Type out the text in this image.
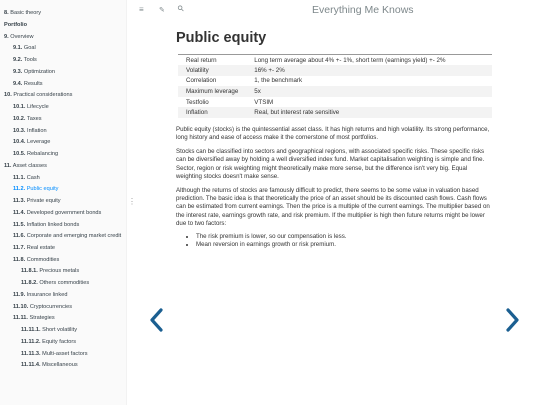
8. Basic theory
Portfolio
9. Overview
9.1. Goal
9.2. Tools
9.3. Optimization
9.4. Results
10. Practical considerations
10.1. Lifecycle
10.2. Taxes
10.3. Inflation
10.4. Leverage
10.5. Rebalancing
11. Asset classes
11.1. Cash
11.2. Public equity
11.3. Private equity
11.4. Developed government bonds
11.5. Inflation linked bonds
11.6. Corporate and emerging market credit
11.7. Real estate
11.8. Commodities
11.8.1. Precious metals
11.8.2. Others commodities
11.9. Insurance linked
11.10. Cryptocurrencies
11.11. Strategies
11.11.1. Short volatility
11.11.2. Equity factors
11.11.3. Multi-asset factors
11.11.4. Miscellaneous
⋮
≡ ✎ ⚲	Everything Me Knows
Public equity
Real return	Long term average about 4% +- 1%, short term (earnings yield) +- 2%
Volatility	16% +- 2%
Correlation	1, the benchmark
Maximum leverage	5x
Testfolio	VTSIM
Inflation	Real, but interest rate sensitive

Public equity (stocks) is the quintessential asset class. It has high returns and high volatility. Its strong performance, long history and ease of access make it the cornerstone of most portfolios.

Stocks can be classified into sectors and geographical regions, with associated specific risks. These specific risks can be diversified away by holding a well diversified index fund. Market capitalisation weighting is simple and fine. Sector, region or risk weighting might theoretically make more sense, but the difference isn't very big. Equal weighting stocks doesn't make sense.

Although the returns of stocks are famously difficult to predict, there seems to be some value in valuation based prediction. The basic idea is that theoretically the price of an asset should be its discounted cash flows. Cash flows can be estimated from current earnings. Then the price is a multiple of the current earnings. The multiplier based on the interest rate, earnings growth rate, and risk premium. If the multiplier is high then future returns might be lower due to two factors:

• The risk premium is lower, so our compensation is less.
• Mean reversion in earnings growth or risk premium.
